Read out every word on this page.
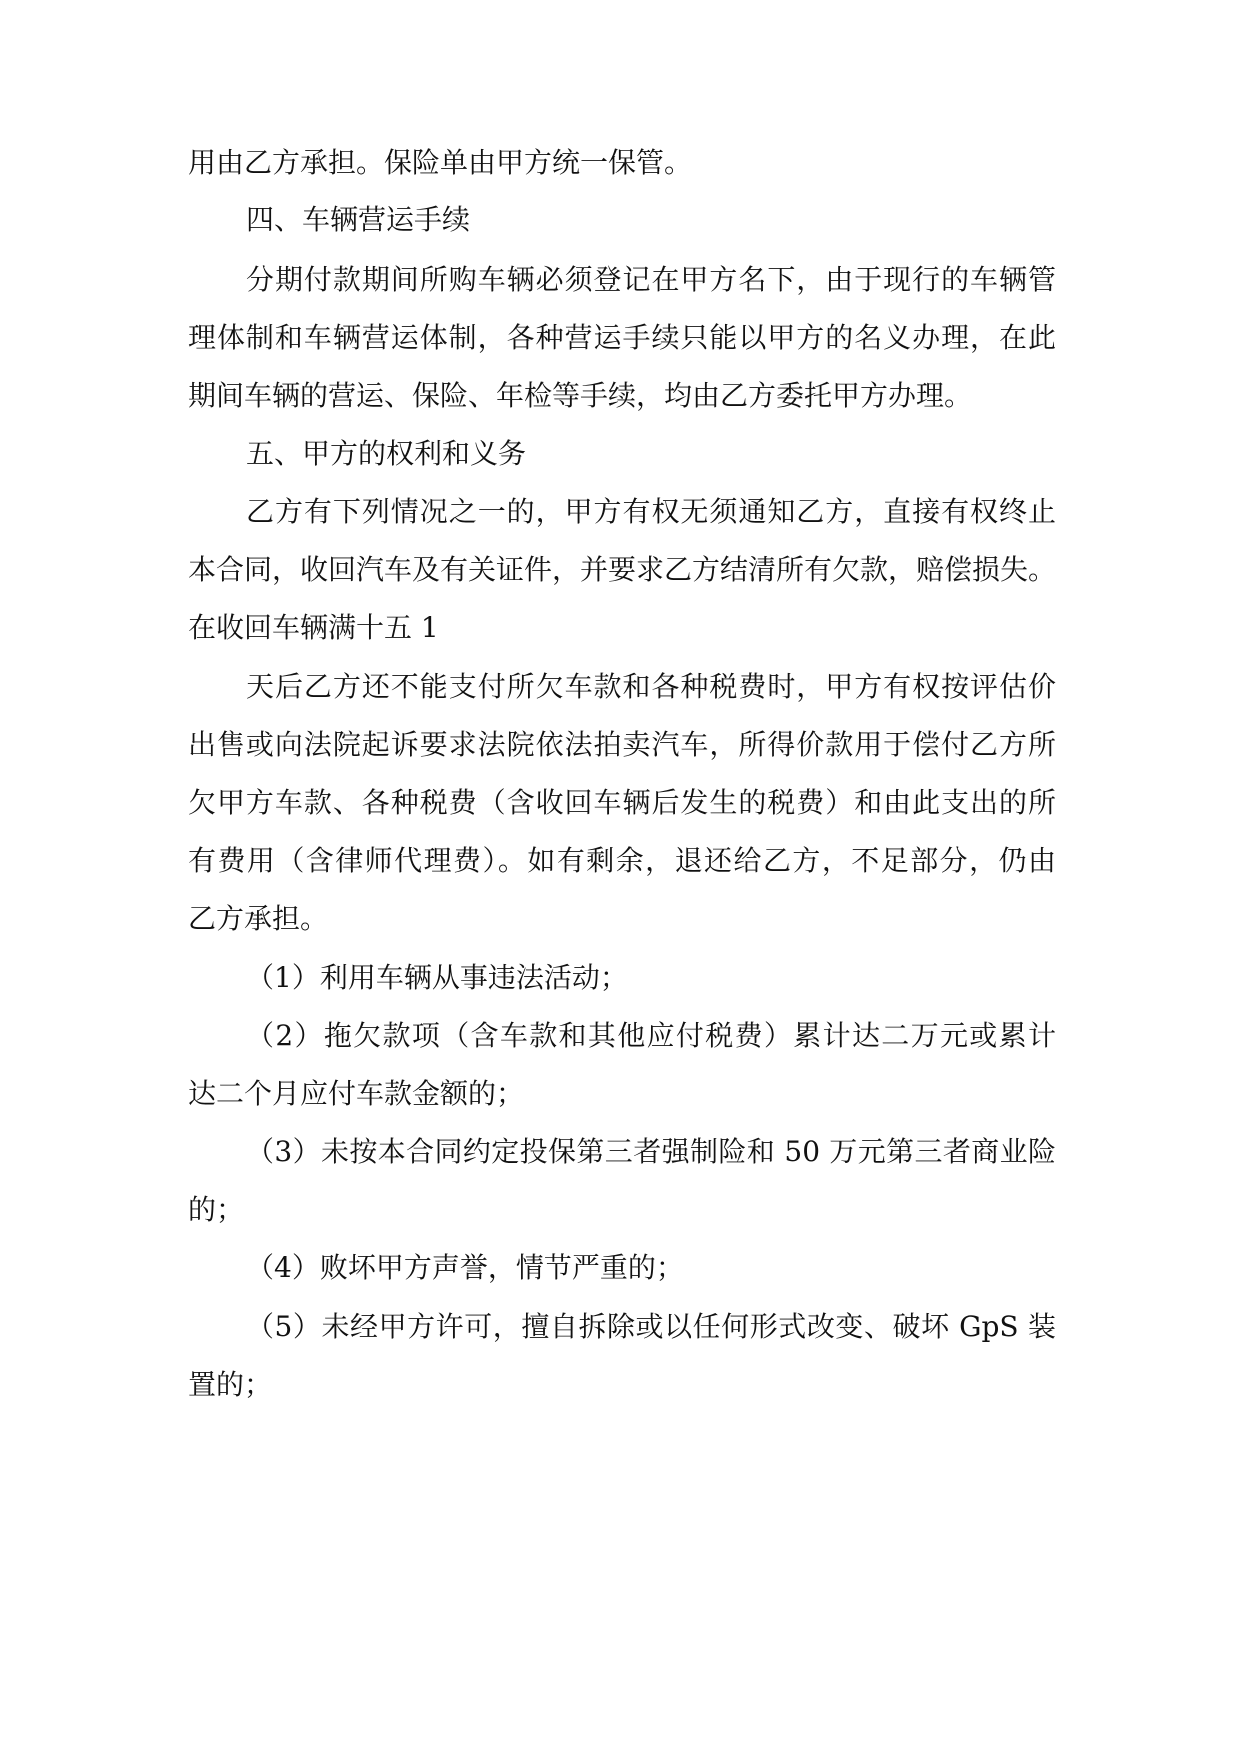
用由乙方承担。保险单由甲方统一保管。
四、车辆营运手续
分期付款期间所购车辆必须登记在甲方名下，由于现行的车辆管
理体制和车辆营运体制，各种营运手续只能以甲方的名义办理，在此
期间车辆的营运、保险、年检等手续，均由乙方委托甲方办理。
五、甲方的权利和义务
乙方有下列情况之一的，甲方有权无须通知乙方，直接有权终止
本合同，收回汽车及有关证件，并要求乙方结清所有欠款，赔偿损失。
在收回车辆满十五 1
天后乙方还不能支付所欠车款和各种税费时，甲方有权按评估价
出售或向法院起诉要求法院依法拍卖汽车，所得价款用于偿付乙方所
欠甲方车款、各种税费（含收回车辆后发生的税费）和由此支出的所
有费用（含律师代理费）。如有剩余，退还给乙方，不足部分，仍由
乙方承担。
（1）利用车辆从事违法活动；
（2）拖欠款项（含车款和其他应付税费）累计达二万元或累计
达二个月应付车款金额的；
（3）未按本合同约定投保第三者强制险和 50 万元第三者商业险
的；
（4）败坏甲方声誉，情节严重的；
（5）未经甲方许可，擅自拆除或以任何形式改变、破坏 GpS 装
置的；
